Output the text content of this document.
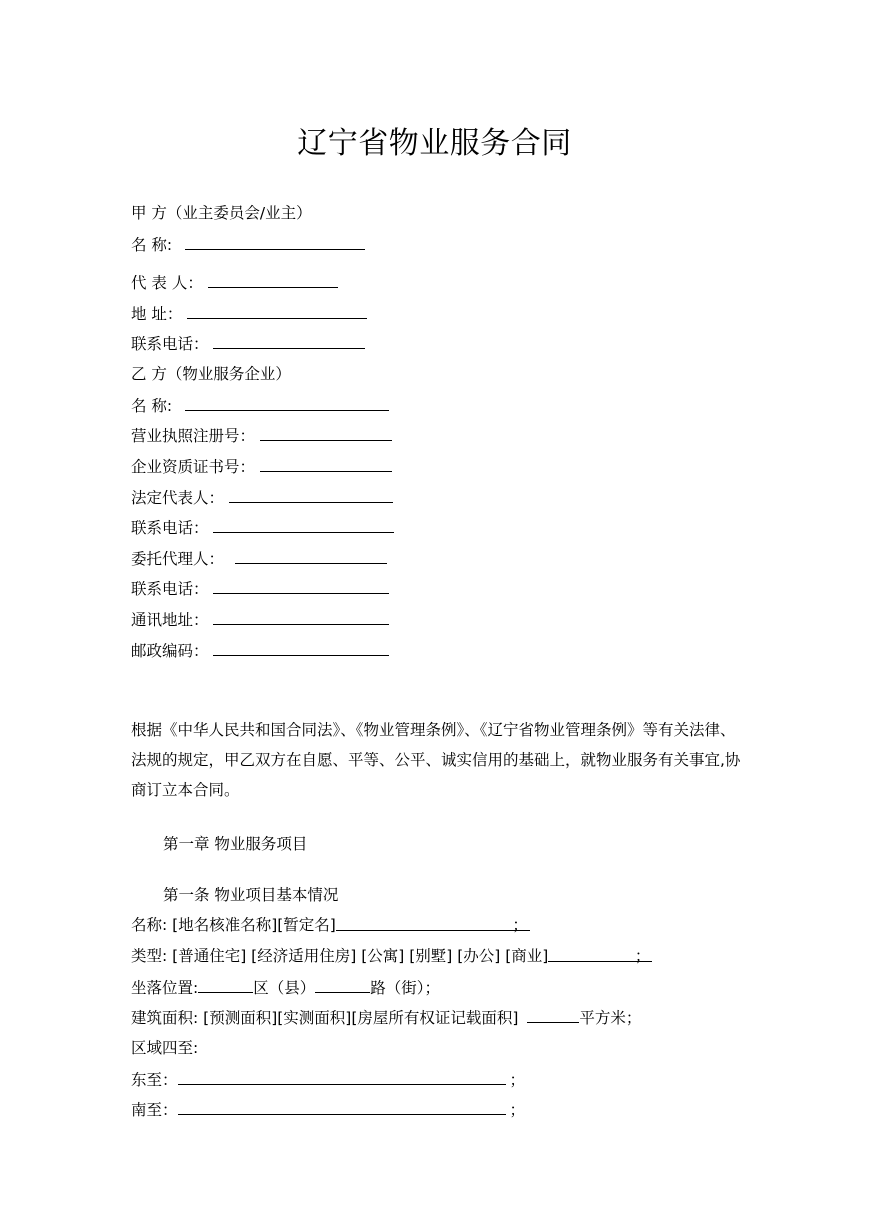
辽宁省物业服务合同
甲 方（业主委员会/业主）
名 称:
代 表 人：
地 址：
联系电话：
乙 方（物业服务企业）
名 称:
营业执照注册号：
企业资质证书号：
法定代表人：
联系电话：
委托代理人：
联系电话：
通讯地址：
邮政编码：
根据《中华人民共和国合同法》、《物业管理条例》、《辽宁省物业管理条例》等有关法律、法规的规定，甲乙双方在自愿、平等、公平、诚实信用的基础上，就物业服务有关事宜,协商订立本合同。
第一章 物业服务项目
第一条 物业项目基本情况
名称: [地名核准名称][暂定名]	；
类型: [普通住宅] [经济适用住房] [公寓] [别墅] [办公] [商业]	；
坐落位置:	区（县）	路（街）；
建筑面积: [预测面积][实测面积][房屋所有权证记载面积]	平方米；
区域四至:
东至：	；
南至：	；
